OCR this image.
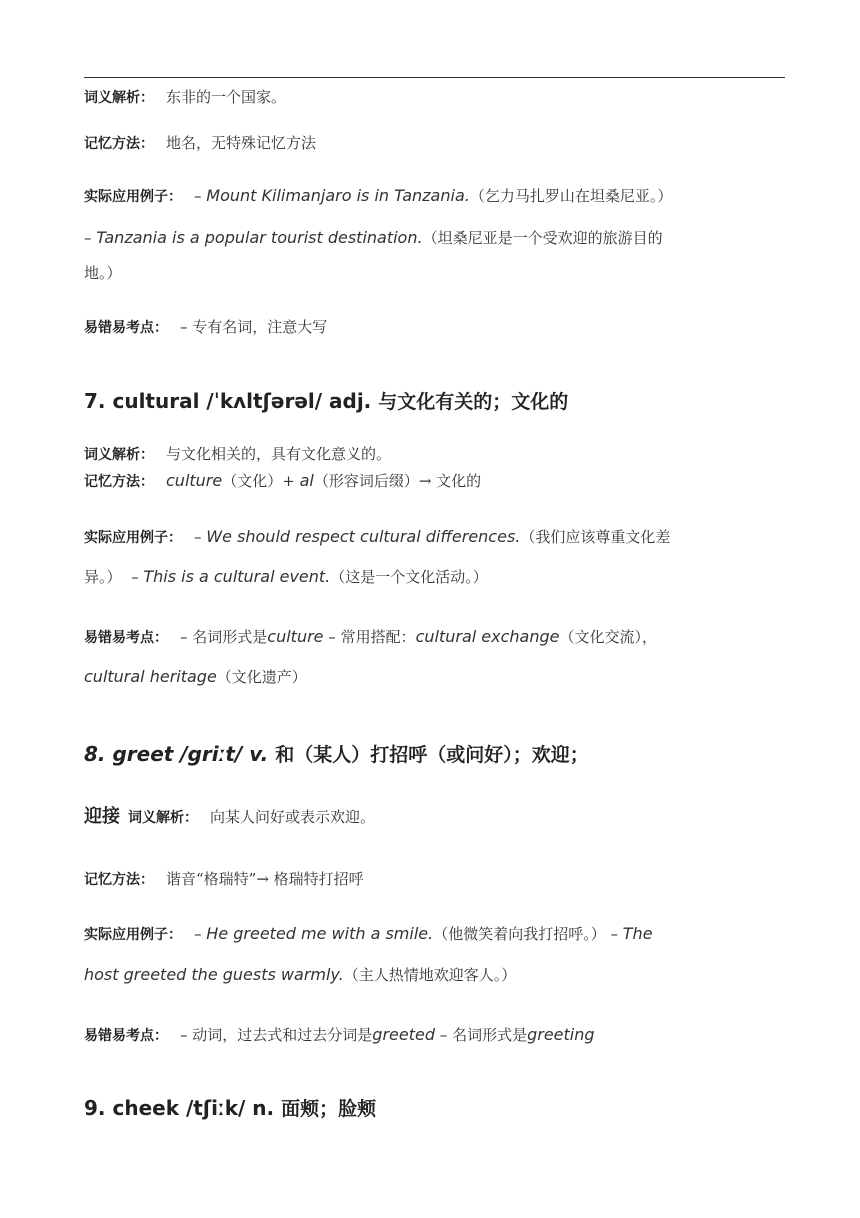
词义解析： 东非的一个国家。
记忆方法： 地名，无特殊记忆方法
实际应用例子： – Mount Kilimanjaro is in Tanzania.（乞力马扎罗山在坦桑尼亚。）
– Tanzania is a popular tourist destination.（坦桑尼亚是一个受欢迎的旅游目的
地。）
易错易考点： – 专有名词，注意大写
7. cultural /ˈkʌltʃərəl/ adj. 与文化有关的；文化的
词义解析： 与文化相关的，具有文化意义的。
记忆方法： culture（文化）+ al（形容词后缀）→ 文化的
实际应用例子： – We should respect cultural differences.（我们应该尊重文化差
异。） – This is a cultural event.（这是一个文化活动。）
易错易考点： – 名词形式是culture – 常用搭配：cultural exchange（文化交流），
cultural heritage（文化遗产）
8. greet /griːt/ v. 和（某人）打招呼（或问好）；欢迎；
迎接 词义解析： 向某人问好或表示欢迎。
记忆方法： 谐音“格瑞特”→ 格瑞特打招呼
实际应用例子： – He greeted me with a smile.（他微笑着向我打招呼。） – The
host greeted the guests warmly.（主人热情地欢迎客人。）
易错易考点： – 动词，过去式和过去分词是greeted – 名词形式是greeting
9. cheek /tʃiːk/ n. 面颊；脸颊
